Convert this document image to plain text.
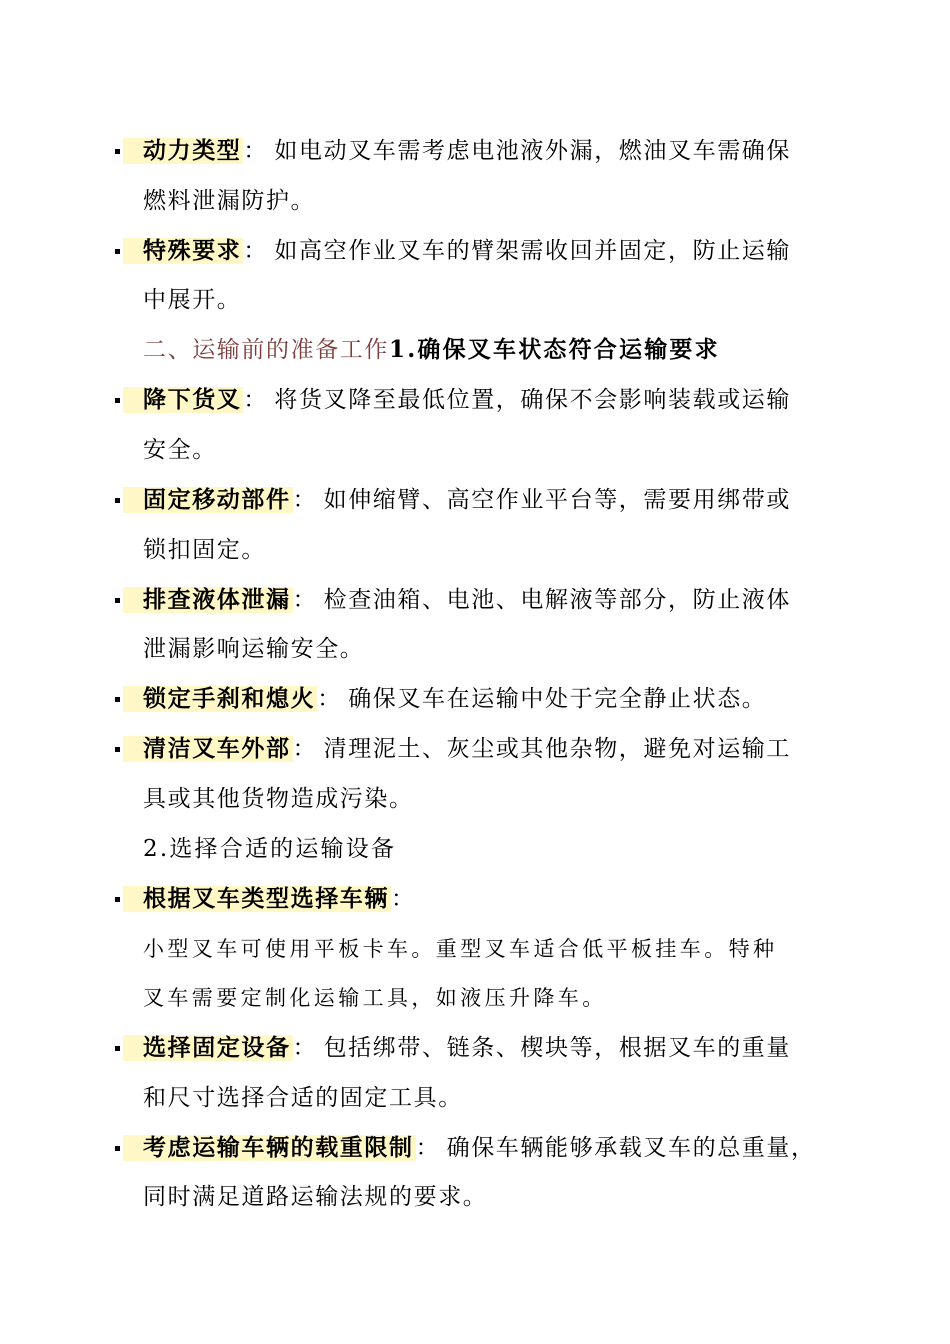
动力类型：如电动叉车需考虑电池液外漏，燃油叉车需确保
燃料泄漏防护。
特殊要求：如高空作业叉车的臂架需收回并固定，防止运输
中展开。
二、运输前的准备工作1.确保叉车状态符合运输要求
降下货叉：将货叉降至最低位置，确保不会影响装载或运输
安全。
固定移动部件：如伸缩臂、高空作业平台等，需要用绑带或
锁扣固定。
排查液体泄漏：检查油箱、电池、电解液等部分，防止液体
泄漏影响运输安全。
锁定手刹和熄火：确保叉车在运输中处于完全静止状态。
清洁叉车外部：清理泥土、灰尘或其他杂物，避免对运输工
具或其他货物造成污染。
2.选择合适的运输设备
根据叉车类型选择车辆：
小型叉车可使用平板卡车。重型叉车适合低平板挂车。特种
叉车需要定制化运输工具，如液压升降车。
选择固定设备：包括绑带、链条、楔块等，根据叉车的重量
和尺寸选择合适的固定工具。
考虑运输车辆的载重限制：确保车辆能够承载叉车的总重量，
同时满足道路运输法规的要求。
